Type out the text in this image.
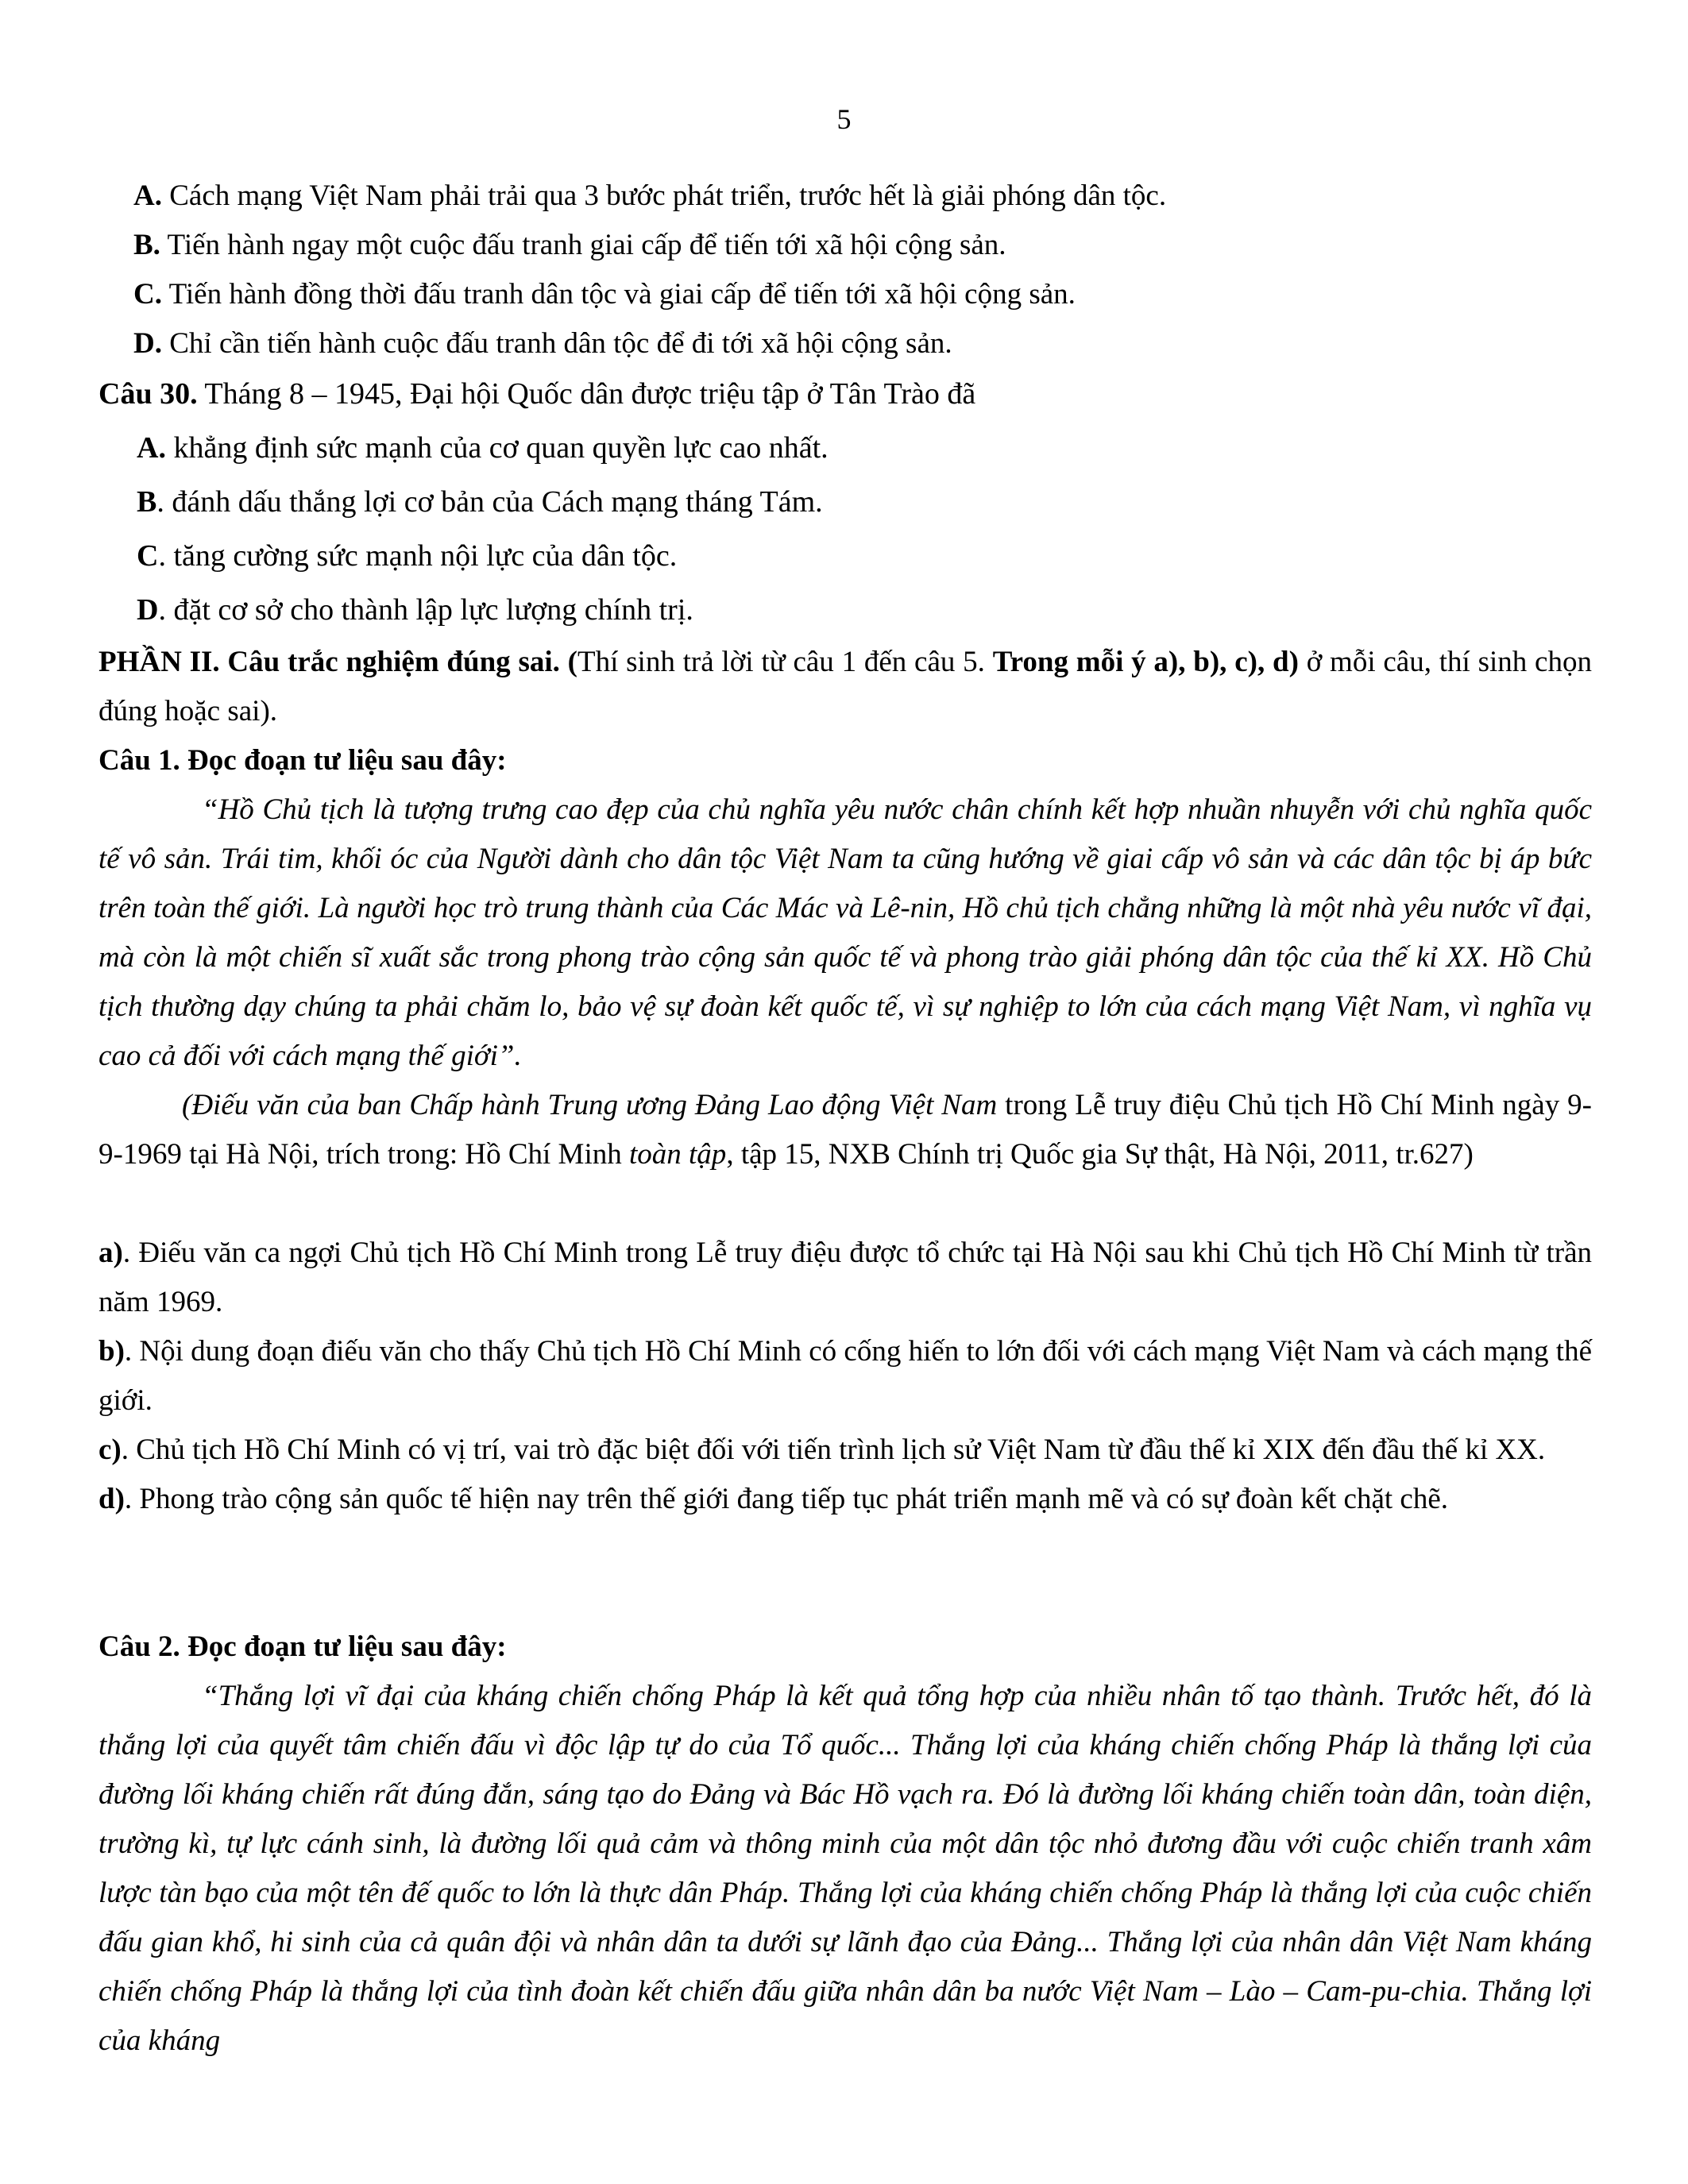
5
A. Cách mạng Việt Nam phải trải qua 3 bước phát triển, trước hết là giải phóng dân tộc.
B. Tiến hành ngay một cuộc đấu tranh giai cấp để tiến tới xã hội cộng sản.
C. Tiến hành đồng thời đấu tranh dân tộc và giai cấp để tiến tới xã hội cộng sản.
D. Chỉ cần tiến hành cuộc đấu tranh dân tộc để đi tới xã hội cộng sản.
Câu 30. Tháng 8 – 1945, Đại hội Quốc dân được triệu tập ở Tân Trào đã
A. khẳng định sức mạnh của cơ quan quyền lực cao nhất.
B. đánh dấu thắng lợi cơ bản của Cách mạng tháng Tám.
C. tăng cường sức mạnh nội lực của dân tộc.
D. đặt cơ sở cho thành lập lực lượng chính trị.
PHẦN II. Câu trắc nghiệm đúng sai. (Thí sinh trả lời từ câu 1 đến câu 5. Trong mỗi ý a), b), c), d) ở mỗi câu, thí sinh chọn đúng hoặc sai).
Câu 1. Đọc đoạn tư liệu sau đây:
“Hồ Chủ tịch là tượng trưng cao đẹp của chủ nghĩa yêu nước chân chính kết hợp nhuần nhuyễn với chủ nghĩa quốc tế vô sản. Trái tim, khối óc của Người dành cho dân tộc Việt Nam ta cũng hướng về giai cấp vô sản và các dân tộc bị áp bức trên toàn thế giới. Là người học trò trung thành của Các Mác và Lê-nin, Hồ chủ tịch chẳng những là một nhà yêu nước vĩ đại, mà còn là một chiến sĩ xuất sắc trong phong trào cộng sản quốc tế và phong trào giải phóng dân tộc của thế kỉ XX. Hồ Chủ tịch thường dạy chúng ta phải chăm lo, bảo vệ sự đoàn kết quốc tế, vì sự nghiệp to lớn của cách mạng Việt Nam, vì nghĩa vụ cao cả đối với cách mạng thế giới”.
(Điếu văn của ban Chấp hành Trung ương Đảng Lao động Việt Nam trong Lễ truy điệu Chủ tịch Hồ Chí Minh ngày 9-9-1969 tại Hà Nội, trích trong: Hồ Chí Minh toàn tập, tập 15, NXB Chính trị Quốc gia Sự thật, Hà Nội, 2011, tr.627)
a). Điếu văn ca ngợi Chủ tịch Hồ Chí Minh trong Lễ truy điệu được tổ chức tại Hà Nội sau khi Chủ tịch Hồ Chí Minh từ trần năm 1969.
b). Nội dung đoạn điếu văn cho thấy Chủ tịch Hồ Chí Minh có cống hiến to lớn đối với cách mạng Việt Nam và cách mạng thế giới.
c). Chủ tịch Hồ Chí Minh có vị trí, vai trò đặc biệt đối với tiến trình lịch sử Việt Nam từ đầu thế kỉ XIX đến đầu thế kỉ XX.
d). Phong trào cộng sản quốc tế hiện nay trên thế giới đang tiếp tục phát triển mạnh mẽ và có sự đoàn kết chặt chẽ.
Câu 2. Đọc đoạn tư liệu sau đây:
“Thắng lợi vĩ đại của kháng chiến chống Pháp là kết quả tổng hợp của nhiều nhân tố tạo thành. Trước hết, đó là thắng lợi của quyết tâm chiến đấu vì độc lập tự do của Tổ quốc... Thắng lợi của kháng chiến chống Pháp là thắng lợi của đường lối kháng chiến rất đúng đắn, sáng tạo do Đảng và Bác Hồ vạch ra. Đó là đường lối kháng chiến toàn dân, toàn diện, trường kì, tự lực cánh sinh, là đường lối quả cảm và thông minh của một dân tộc nhỏ đương đầu với cuộc chiến tranh xâm lược tàn bạo của một tên đế quốc to lớn là thực dân Pháp. Thắng lợi của kháng chiến chống Pháp là thắng lợi của cuộc chiến đấu gian khổ, hi sinh của cả quân đội và nhân dân ta dưới sự lãnh đạo của Đảng... Thắng lợi của nhân dân Việt Nam kháng chiến chống Pháp là thắng lợi của tình đoàn kết chiến đấu giữa nhân dân ba nước Việt Nam – Lào – Cam-pu-chia. Thắng lợi của kháng
